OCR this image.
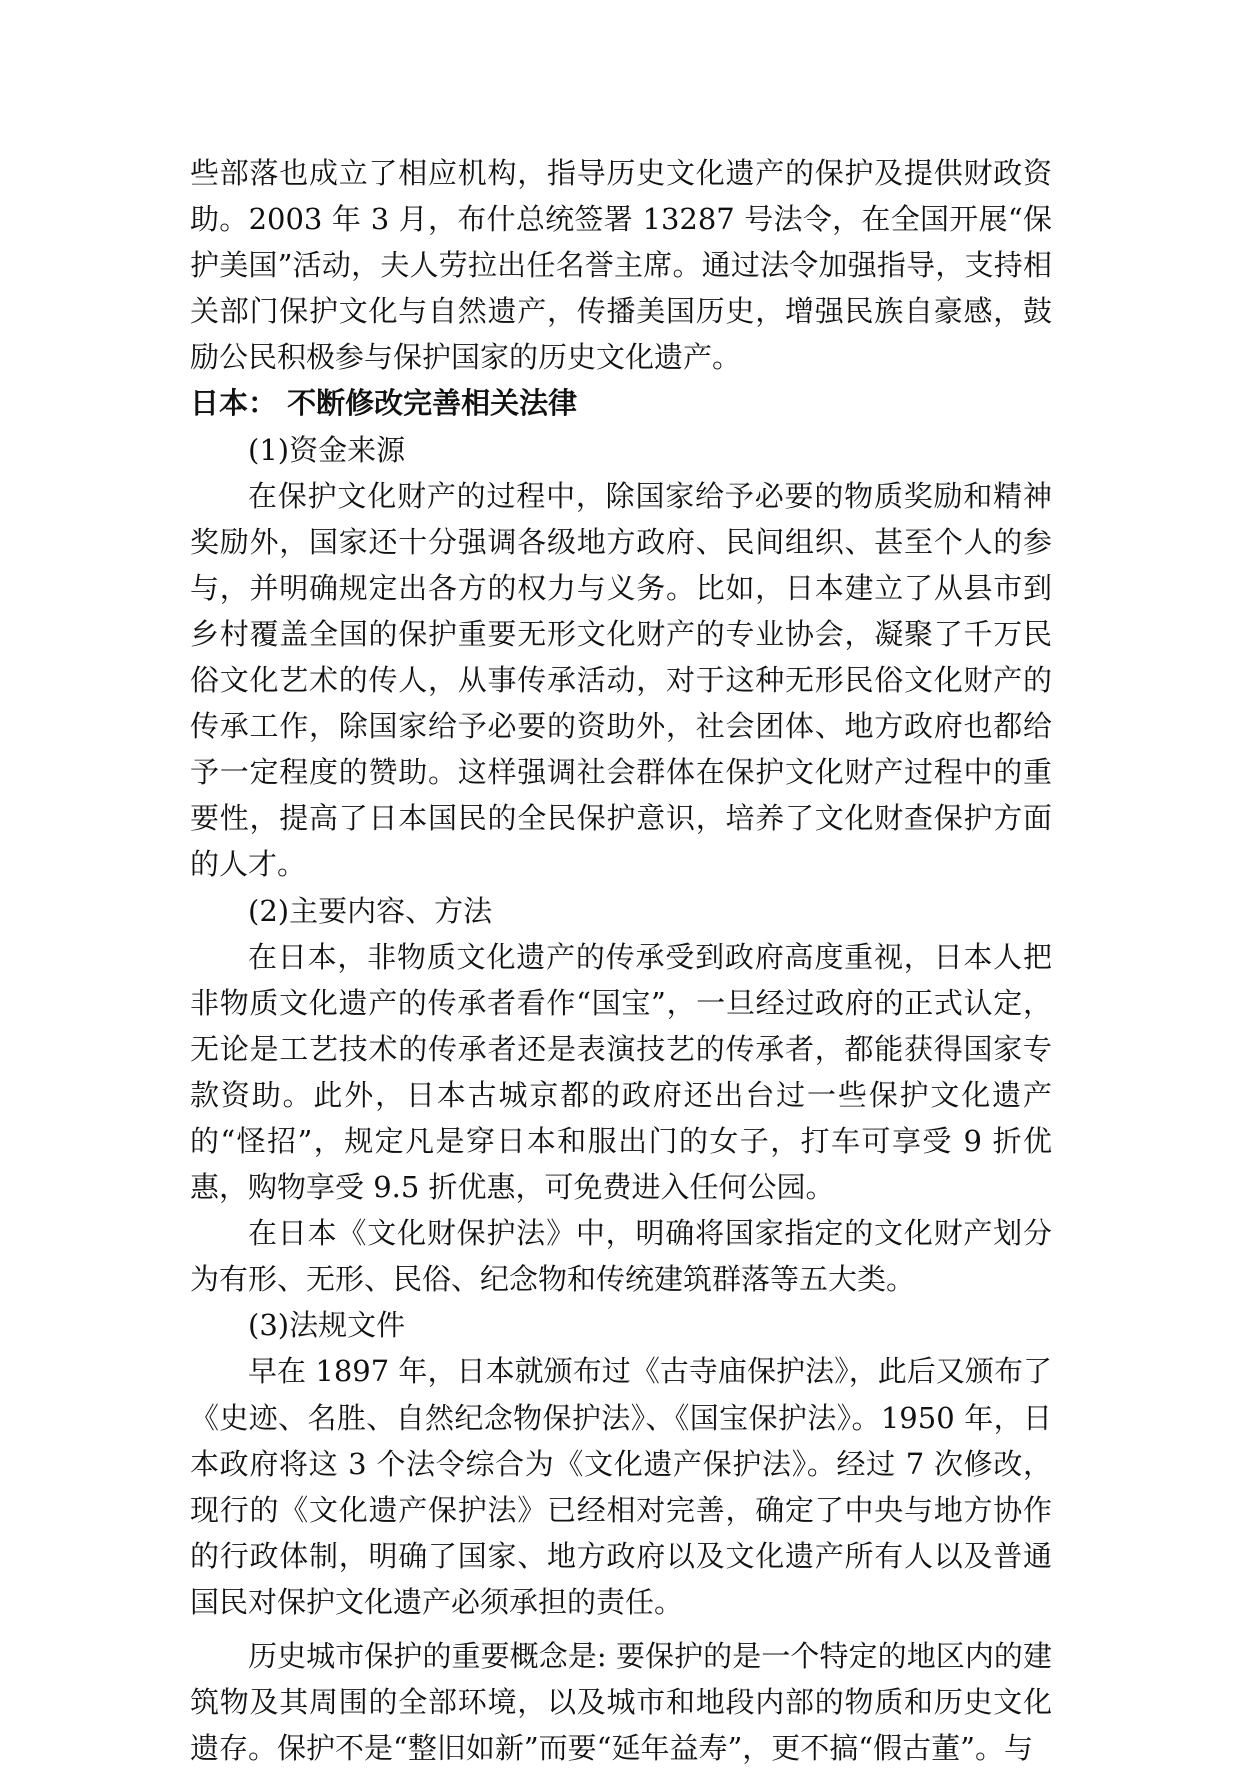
些部落也成立了相应机构，指导历史文化遗产的保护及提供财政资助。2003 年 3 月，布什总统签署 13287 号法令，在全国开展“保护美国”活动，夫人劳拉出任名誉主席。通过法令加强指导，支持相关部门保护文化与自然遗产，传播美国历史，增强民族自豪感，鼓励公民积极参与保护国家的历史文化遗产。

日本： 不断修改完善相关法律

(1)资金来源

在保护文化财产的过程中，除国家给予必要的物质奖励和精神奖励外，国家还十分强调各级地方政府、民间组织、甚至个人的参与，并明确规定出各方的权力与义务。比如，日本建立了从县市到乡村覆盖全国的保护重要无形文化财产的专业协会，凝聚了千万民俗文化艺术的传人，从事传承活动，对于这种无形民俗文化财产的传承工作，除国家给予必要的资助外，社会团体、地方政府也都给予一定程度的赞助。这样强调社会群体在保护文化财产过程中的重要性，提高了日本国民的全民保护意识，培养了文化财查保护方面的人才。

(2)主要内容、方法

在日本，非物质文化遗产的传承受到政府高度重视，日本人把非物质文化遗产的传承者看作“国宝”，一旦经过政府的正式认定，无论是工艺技术的传承者还是表演技艺的传承者，都能获得国家专款资助。此外，日本古城京都的政府还出台过一些保护文化遗产的“怪招”，规定凡是穿日本和服出门的女子，打车可享受 9 折优惠，购物享受 9.5 折优惠，可免费进入任何公园。

在日本《文化财保护法》中，明确将国家指定的文化财产划分为有形、无形、民俗、纪念物和传统建筑群落等五大类。

(3)法规文件

早在 1897 年，日本就颁布过《古寺庙保护法》，此后又颁布了《史迹、名胜、自然纪念物保护法》、《国宝保护法》。1950 年，日本政府将这 3 个法令综合为《文化遗产保护法》。经过 7 次修改，现行的《文化遗产保护法》已经相对完善，确定了中央与地方协作的行政体制，明确了国家、地方政府以及文化遗产所有人以及普通国民对保护文化遗产必须承担的责任。

历史城市保护的重要概念是: 要保护的是一个特定的地区内的建筑物及其周围的全部环境，以及城市和地段内部的物质和历史文化遗存。保护不是“整旧如新”而要“延年益寿”，更不搞“假古董”。与
